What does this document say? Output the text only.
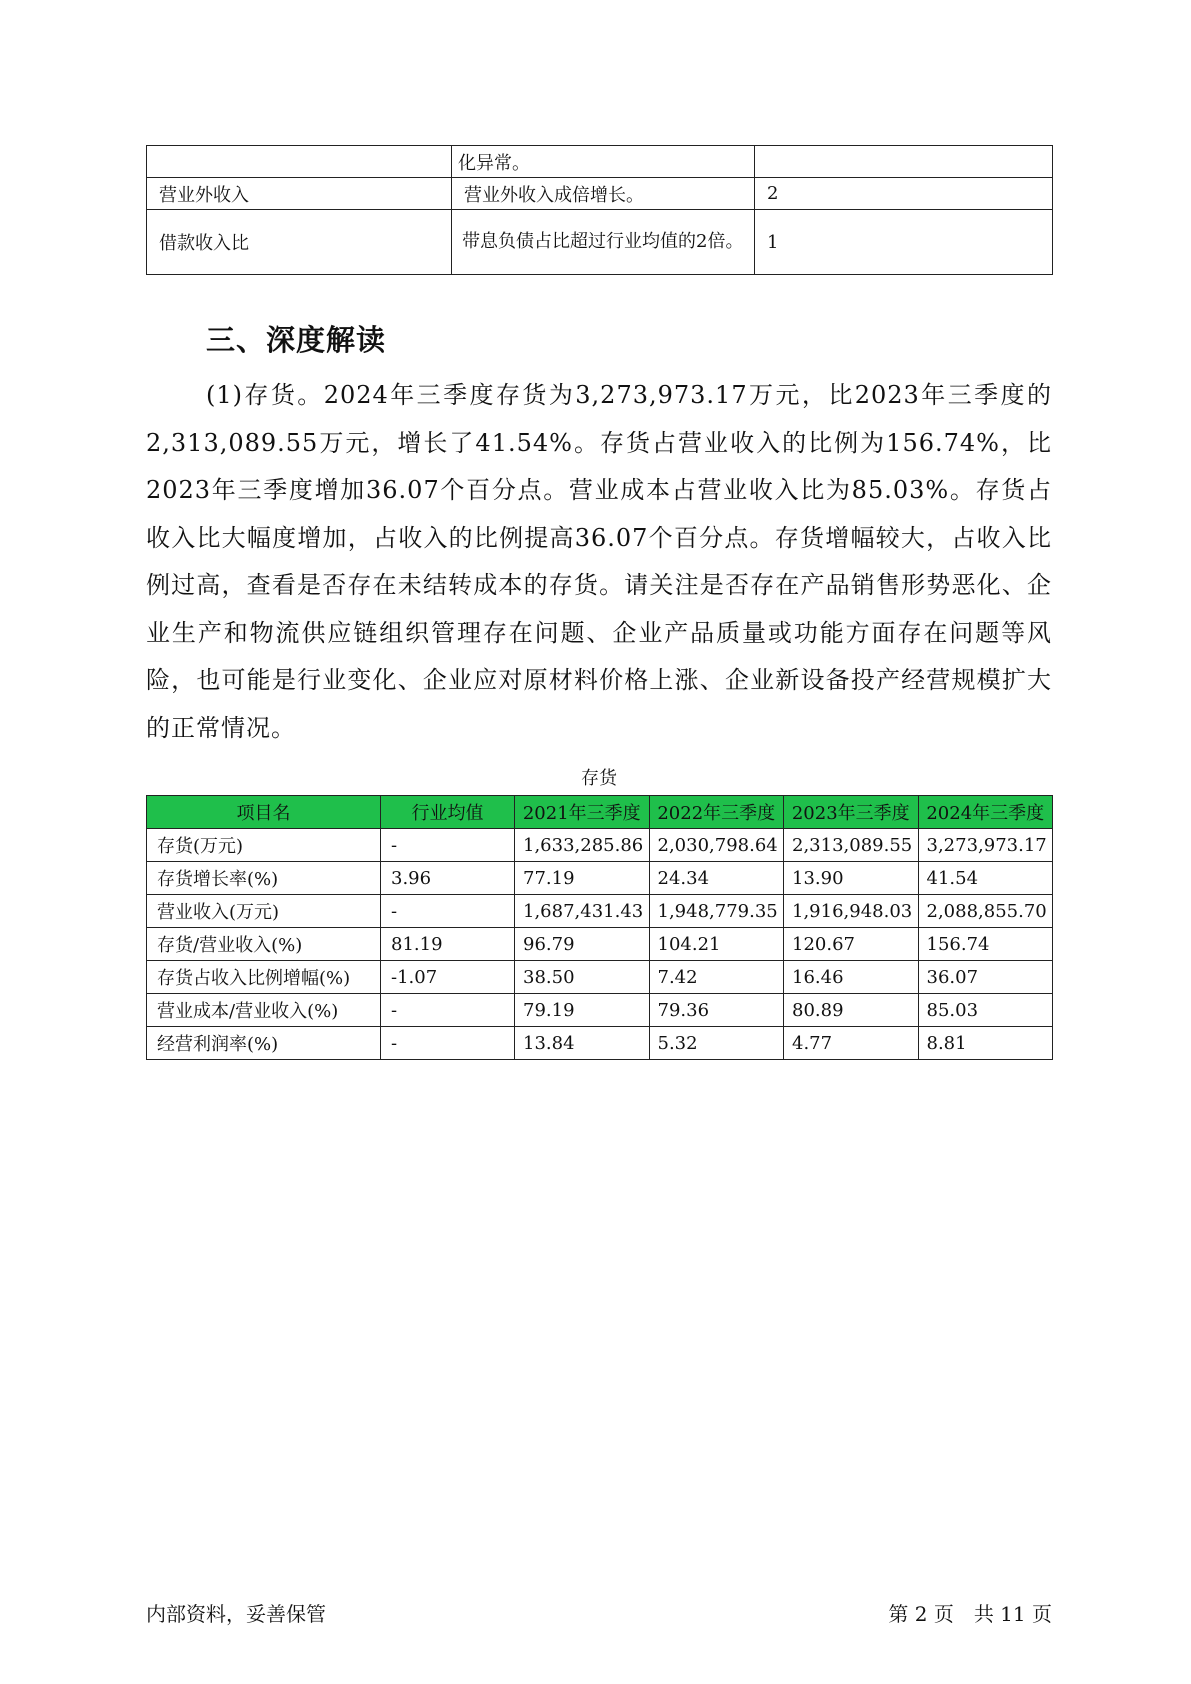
	化异常。	
营业外收入	营业外收入成倍增长。	2
借款收入比	带息负债占比超过行业均值的2倍。	1
三、深度解读

(1)存货。2024年三季度存货为3,273,973.17万元，比2023年三季度的2,313,089.55万元，增长了41.54%。存货占营业收入的比例为156.74%，比2023年三季度增加36.07个百分点。营业成本占营业收入比为85.03%。存货占收入比大幅度增加，占收入的比例提高36.07个百分点。存货增幅较大，占收入比例过高，查看是否存在未结转成本的存货。请关注是否存在产品销售形势恶化、企业生产和物流供应链组织管理存在问题、企业产品质量或功能方面存在问题等风险，也可能是行业变化、企业应对原材料价格上涨、企业新设备投产经营规模扩大的正常情况。

存货
项目名	行业均值	2021年三季度	2022年三季度	2023年三季度	2024年三季度
存货(万元)	-	1,633,285.86	2,030,798.64	2,313,089.55	3,273,973.17
存货增长率(%)	3.96	77.19	24.34	13.90	41.54
营业收入(万元)	-	1,687,431.43	1,948,779.35	1,916,948.03	2,088,855.70
存货/营业收入(%)	81.19	96.79	104.21	120.67	156.74
存货占收入比例增幅(%)	-1.07	38.50	7.42	16.46	36.07
营业成本/营业收入(%)	-	79.19	79.36	80.89	85.03
经营利润率(%)	-	13.84	5.32	4.77	8.81
内部资料，妥善保管	第 2 页　共 11 页
